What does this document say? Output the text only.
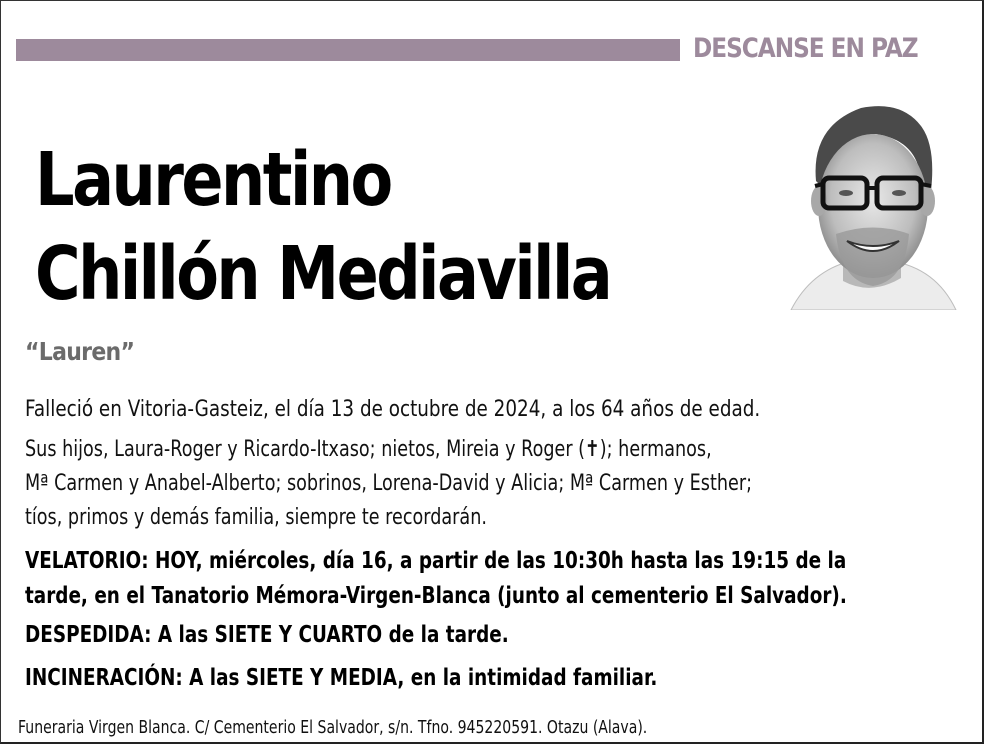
DESCANSE EN PAZ
Laurentino
Chillón Mediavilla
“Lauren”
Falleció en Vitoria-Gasteiz, el día 13 de octubre de 2024, a los 64 años de edad.
Sus hijos, Laura-Roger y Ricardo-Itxaso; nietos, Mireia y Roger (✝); hermanos,
Mª Carmen y Anabel-Alberto; sobrinos, Lorena-David y Alicia; Mª Carmen y Esther;
tíos, primos y demás familia, siempre te recordarán.
VELATORIO: HOY, miércoles, día 16, a partir de las 10:30h hasta las 19:15 de la
tarde, en el Tanatorio Mémora-Virgen-Blanca (junto al cementerio El Salvador).
DESPEDIDA: A las SIETE Y CUARTO de la tarde.
INCINERACIÓN: A las SIETE Y MEDIA, en la intimidad familiar.
Funeraria Virgen Blanca. C/ Cementerio El Salvador, s/n. Tfno. 945220591. Otazu (Alava).
